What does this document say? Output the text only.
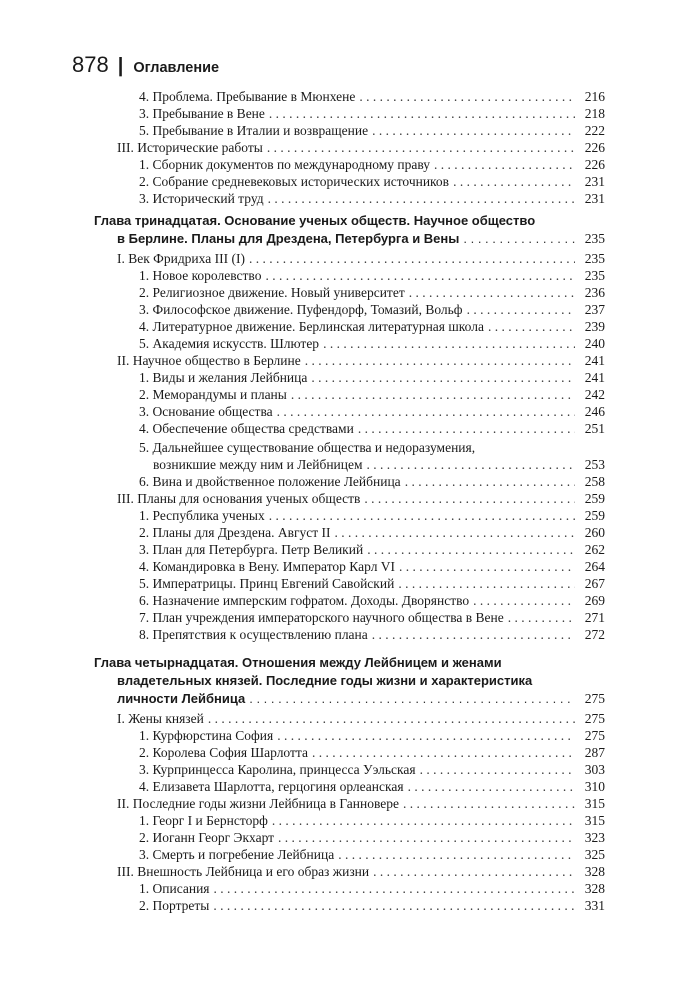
878 | Оглавление
4. Проблема. Пребывание в Мюнхене . . .	216
3. Пребывание в Вене . . .	218
5. Пребывание в Италии и возвращение . . .	222
III. Исторические работы . . .	226
1. Сборник документов по международному праву . . .	226
2. Собрание средневековых исторических источников . . .	231
3. Исторический труд . . .	231
Глава тринадцатая. Основание ученых обществ. Научное общество
в Берлине. Планы для Дрездена, Петербурга и Вены . . .	235
I. Век Фридриха III (I) . . .	235
1. Новое королевство . . .	235
2. Религиозное движение. Новый университет . . .	236
3. Философское движение. Пуфендорф, Томазий, Вольф . . .	237
4. Литературное движение. Берлинская литературная школа . . .	239
5. Академия искусств. Шлютер . . .	240
II. Научное общество в Берлине . . .	241
1. Виды и желания Лейбница . . .	241
2. Меморандумы и планы . . .	242
3. Основание общества . . .	246
4. Обеспечение общества средствами . . .	251
5. Дальнейшее существование общества и недоразумения,
возникшие между ним и Лейбницем . . .	253
6. Вина и двойственное положение Лейбница . . .	258
III. Планы для основания ученых обществ . . .	259
1. Республика ученых . . .	259
2. Планы для Дрездена. Август II . . .	260
3. План для Петербурга. Петр Великий . . .	262
4. Командировка в Вену. Император Карл VI . . .	264
5. Императрицы. Принц Евгений Савойский . . .	267
6. Назначение имперским гофратом. Доходы. Дворянство . . .	269
7. План учреждения императорского научного общества в Вене . . .	271
8. Препятствия к осуществлению плана . . .	272
Глава четырнадцатая. Отношения между Лейбницем и женами
владетельных князей. Последние годы жизни и характеристика
личности Лейбница . . .	275
I. Жены князей . . .	275
1. Курфюрстина София . . .	275
2. Королева София Шарлотта . . .	287
3. Курпринцесса Каролина, принцесса Уэльская . . .	303
4. Елизавета Шарлотта, герцогиня орлеанская . . .	310
II. Последние годы жизни Лейбница в Ганновере . . .	315
1. Георг I и Бернсторф . . .	315
2. Иоганн Георг Экхарт . . .	323
3. Смерть и погребение Лейбница . . .	325
III. Внешность Лейбница и его образ жизни . . .	328
1. Описания . . .	328
2. Портреты . . .	331
